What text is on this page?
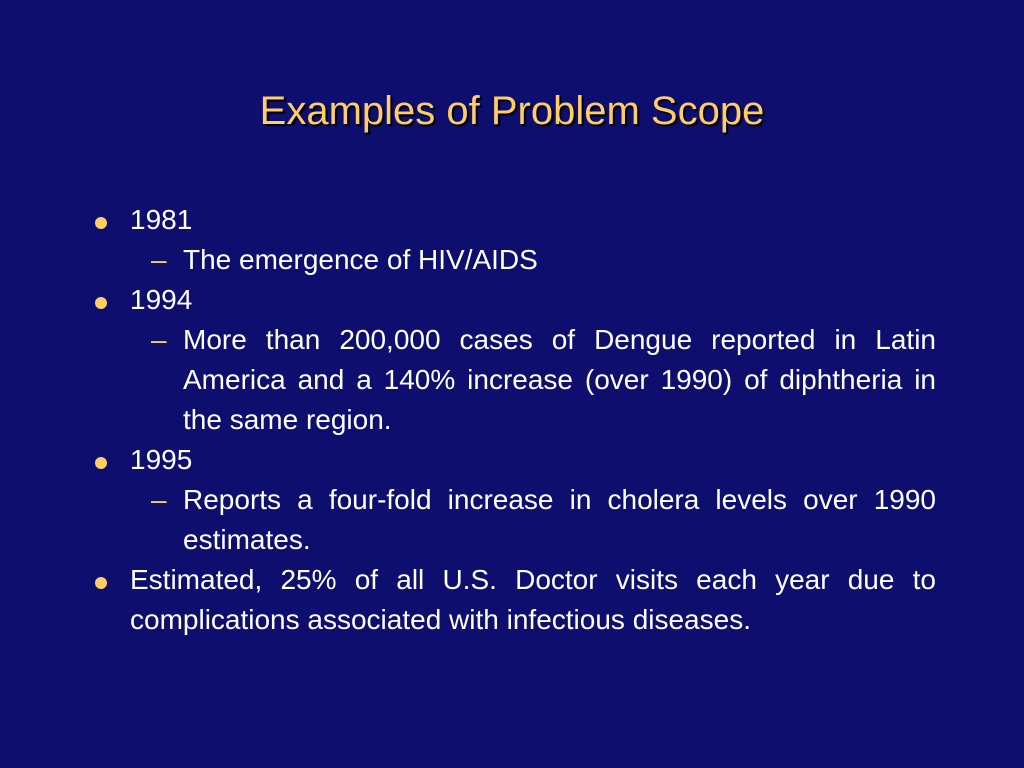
Examples of Problem Scope
1981
– The emergence of HIV/AIDS
1994
– More than 200,000 cases of Dengue reported in Latin America and a 140% increase (over 1990) of diphtheria in the same region.
1995
– Reports a four-fold increase in cholera levels over 1990 estimates.
Estimated, 25% of all U.S. Doctor visits each year due to complications associated with infectious diseases.
